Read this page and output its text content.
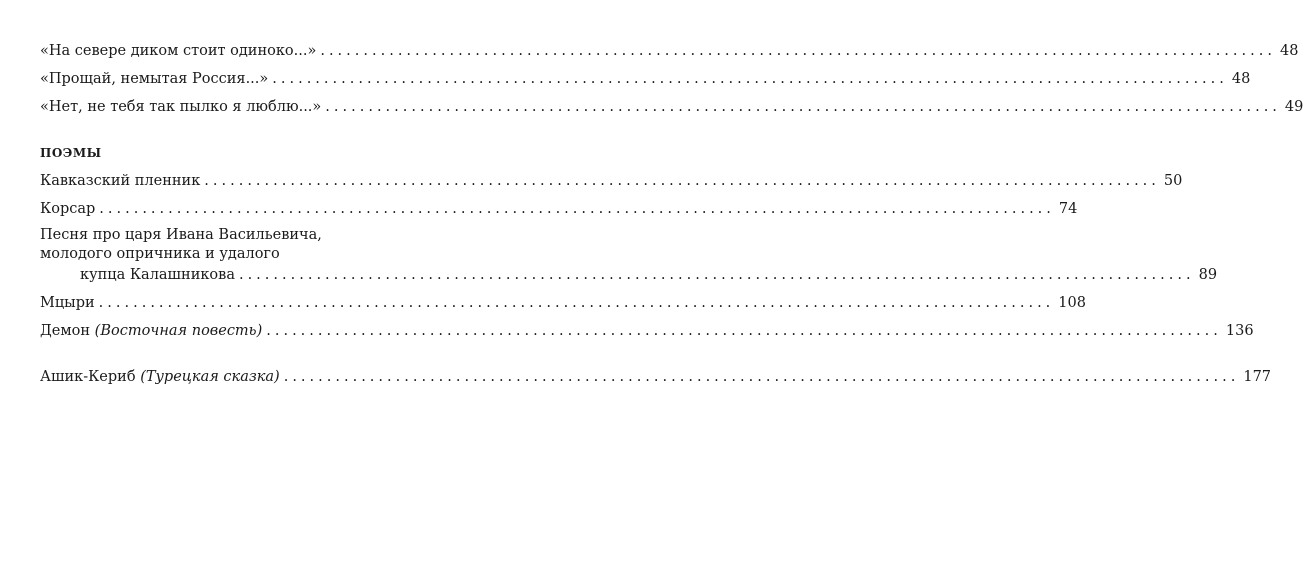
«На севере диком стоит одиноко...» ............................................................................................................... 48
«Прощай, немытая Россия...» ............................................................................................................... 48
«Нет, не тебя так пылко я люблю...» ............................................................................................................... 49
ПОЭМЫ
Кавказский пленник ............................................................................................................... 50
Корсар ............................................................................................................... 74
Песня про царя Ивана Васильевича,
молодого опричника и удалого
купца Калашникова ............................................................................................................... 89
Мцыри ............................................................................................................... 108
Демон (Восточная повесть) ............................................................................................................... 136
Ашик-Кериб (Турецкая сказка) ............................................................................................................... 177
